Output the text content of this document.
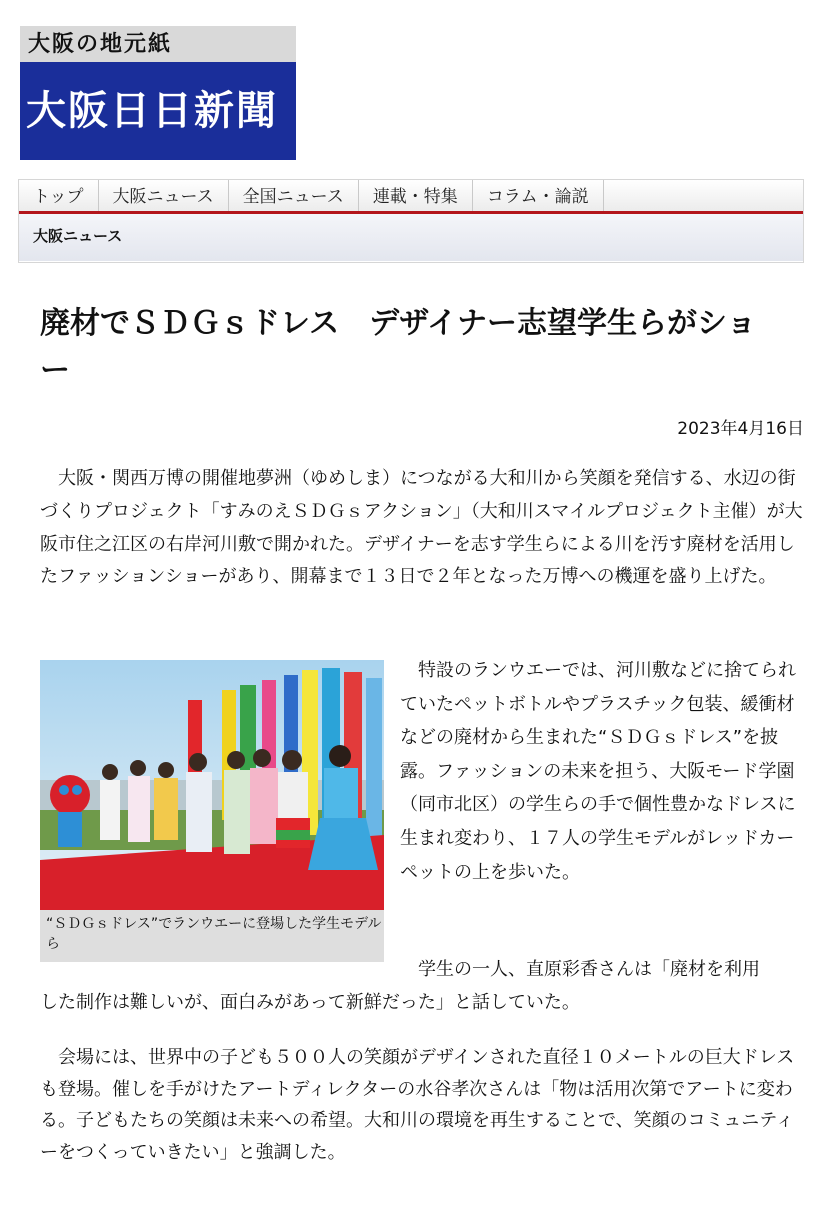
大阪の地元紙
大阪日日新聞
トップ	大阪ニュース	全国ニュース	連載・特集	コラム・論説
大阪ニュース
廃材でＳＤＧｓドレス　デザイナー志望学生らがショー
2023年4月16日

　大阪・関西万博の開催地夢洲（ゆめしま）につながる大和川から笑顔を発信する、水辺の街づくりプロジェクト「すみのえＳＤＧｓアクション」（大和川スマイルプロジェクト主催）が大阪市住之江区の右岸河川敷で開かれた。デザイナーを志す学生らによる川を汚す廃材を活用したファッションショーがあり、開幕まで１３日で２年となった万博への機運を盛り上げた。

“ＳＤＧｓドレス”でランウエーに登場した学生モデルら

　特設のランウエーでは、河川敷などに捨てられていたペットボトルやプラスチック包装、緩衝材などの廃材から生まれた“ＳＤＧｓドレス”を披露。ファッションの未来を担う、大阪モード学園（同市北区）の学生らの手で個性豊かなドレスに生まれ変わり、１７人の学生モデルがレッドカーペットの上を歩いた。

　学生の一人、直原彩香さんは「廃材を利用
した制作は難しいが、面白みがあって新鮮だった」と話していた。

　会場には、世界中の子ども５００人の笑顔がデザインされた直径１０メートルの巨大ドレスも登場。催しを手がけたアートディレクターの水谷孝次さんは「物は活用次第でアートに変わる。子どもたちの笑顔は未来への希望。大和川の環境を再生することで、笑顔のコミュニティーをつくっていきたい」と強調した。
